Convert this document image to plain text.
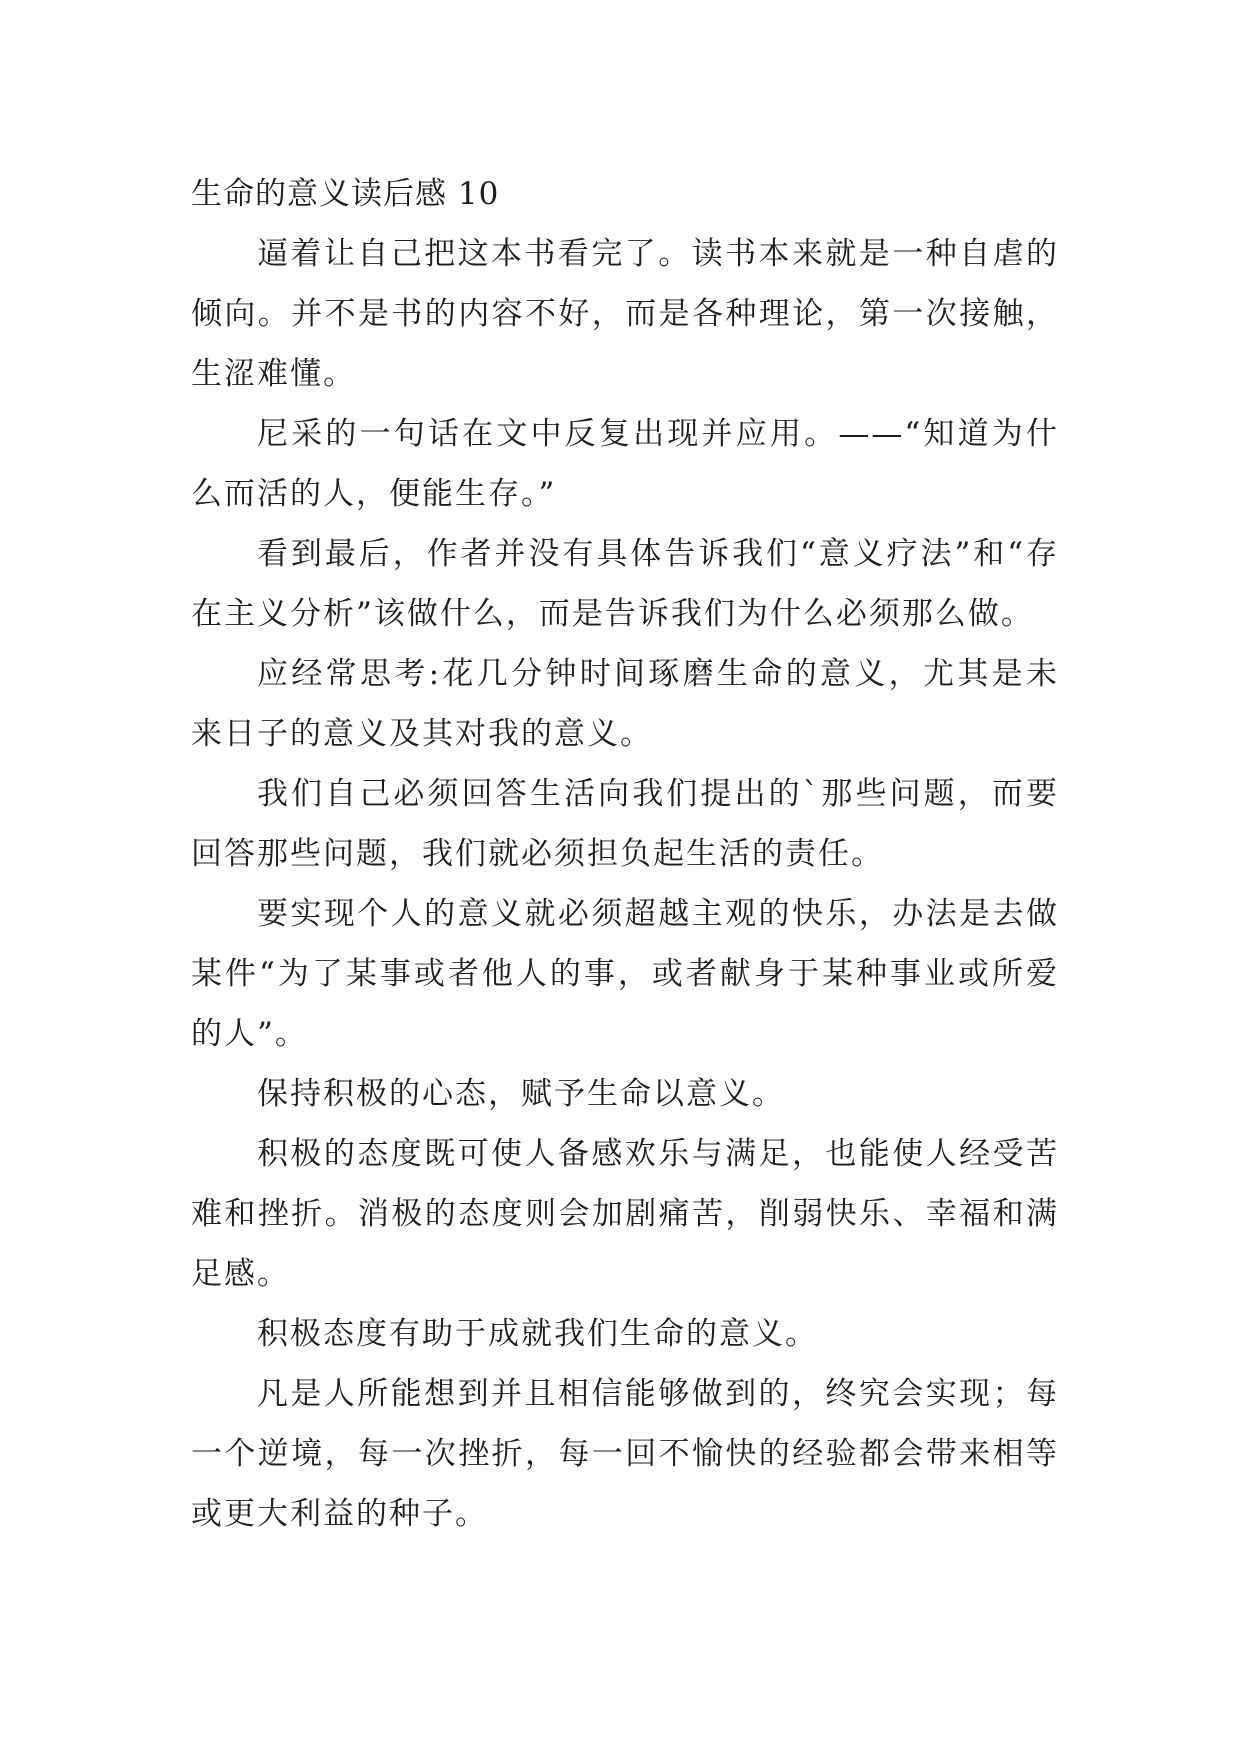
生命的意义读后感 10

逼着让自己把这本书看完了。读书本来就是一种自虐的倾向。并不是书的内容不好，而是各种理论，第一次接触，生涩难懂。

尼采的一句话在文中反复出现并应用。——“知道为什么而活的人，便能生存。”

看到最后，作者并没有具体告诉我们“意义疗法”和“存在主义分析”该做什么，而是告诉我们为什么必须那么做。

应经常思考:花几分钟时间琢磨生命的意义，尤其是未来日子的意义及其对我的意义。

我们自己必须回答生活向我们提出的`那些问题，而要回答那些问题，我们就必须担负起生活的责任。

要实现个人的意义就必须超越主观的快乐，办法是去做某件“为了某事或者他人的事，或者献身于某种事业或所爱的人”。

保持积极的心态，赋予生命以意义。

积极的态度既可使人备感欢乐与满足，也能使人经受苦难和挫折。消极的态度则会加剧痛苦，削弱快乐、幸福和满足感。

积极态度有助于成就我们生命的意义。

凡是人所能想到并且相信能够做到的，终究会实现；每一个逆境，每一次挫折，每一回不愉快的经验都会带来相等或更大利益的种子。
